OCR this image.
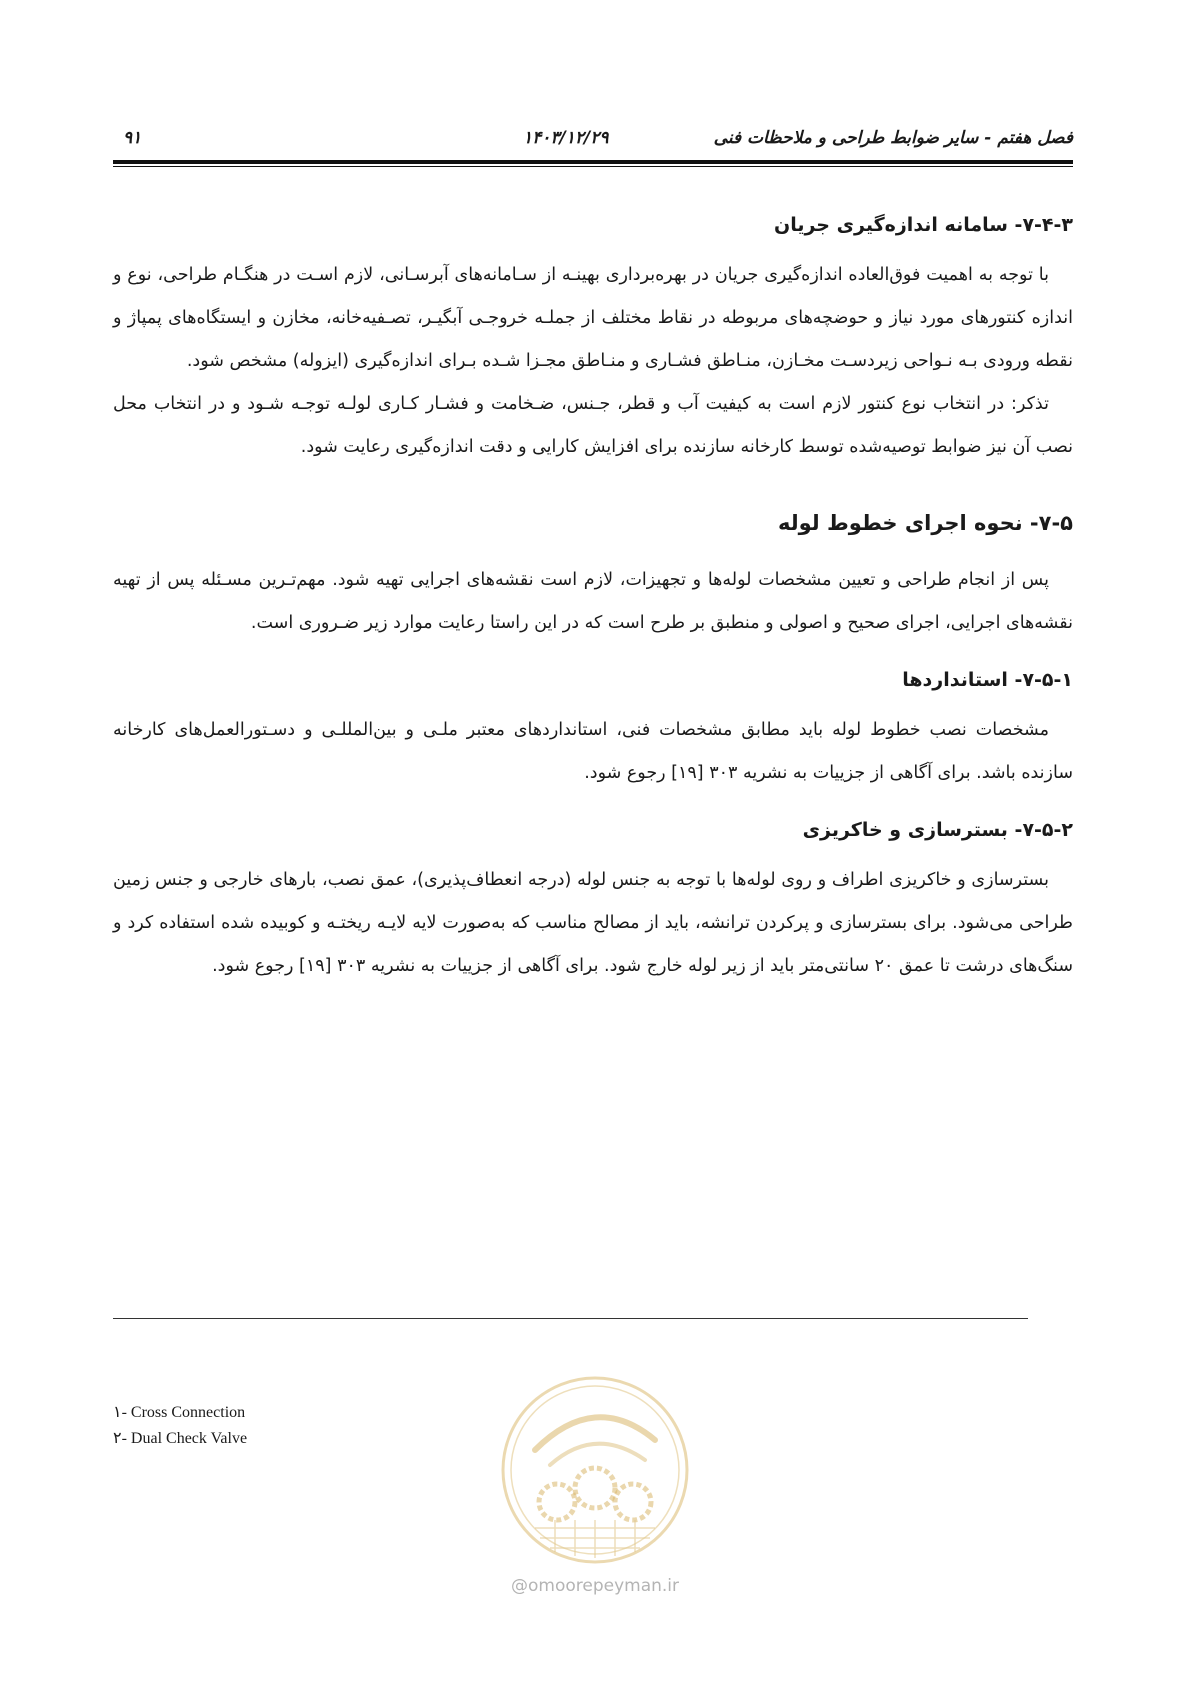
فصل هفتم - سایر ضوابط طراحی و ملاحظات فنی
۱۴۰۳/۱۲/۲۹
۹۱
۷-۴-۳- سامانه اندازه‌گیری جریان

با توجه به اهمیت فوق‌العاده اندازه‌گیری جریان در بهره‌برداری بهینـه از سـامانه‌های آبرسـانی، لازم اسـت در هنگـام طراحی، نوع و اندازه کنتورهای مورد نیاز و حوضچه‌های مربوطه در نقاط مختلف از جملـه خروجـی آبگیـر، تصـفیه‌خانه، مخازن و ایستگاه‌های پمپاژ و نقطه ورودی بـه نـواحی زیردسـت مخـازن، منـاطق فشـاری و منـاطق مجـزا شـده بـرای اندازه‌گیری (ایزوله) مشخص شود.

تذکر: در انتخاب نوع کنتور لازم است به کیفیت آب و قطر، جـنس، ضـخامت و فشـار کـاری لولـه توجـه شـود و در انتخاب محل نصب آن نیز ضوابط توصیه‌شده توسط کارخانه سازنده برای افزایش کارایی و دقت اندازه‌گیری رعایت شود.

۷-۵- نحوه اجرای خطوط لوله

پس از انجام طراحی و تعیین مشخصات لوله‌ها و تجهیزات، لازم است نقشه‌های اجرایی تهیه شود. مهم‌تـرین مسـئله پس از تهیه نقشه‌های اجرایی، اجرای صحیح و اصولی و منطبق بر طرح است که در این راستا رعایت موارد زیر ضـروری است.

۷-۵-۱- استانداردها

مشخصات نصب خطوط لوله باید مطابق مشخصات فنی، استانداردهای معتبر ملـی و بین‌المللـی و دسـتورالعمل‌های کارخانه سازنده باشد. برای آگاهی از جزییات به نشریه ۳۰۳ [۱۹] رجوع شود.

۷-۵-۲- بسترسازی و خاکریزی

بسترسازی و خاکریزی اطراف و روی لوله‌ها با توجه به جنس لوله (درجه انعطاف‌پذیری)، عمق نصب، بارهای خارجی و جنس زمین طراحی می‌شود. برای بسترسازی و پرکردن ترانشه، باید از مصالح مناسب که به‌صورت لایه لایـه ریختـه و کوبیده شده استفاده کرد و سنگ‌های درشت تا عمق ۲۰ سانتی‌متر باید از زیر لوله خارج شود. برای آگاهی از جزییات به نشریه ۳۰۳ [۱۹] رجوع شود.

۱- Cross Connection
۲- Dual Check Valve
@omoorepeyman.ir
